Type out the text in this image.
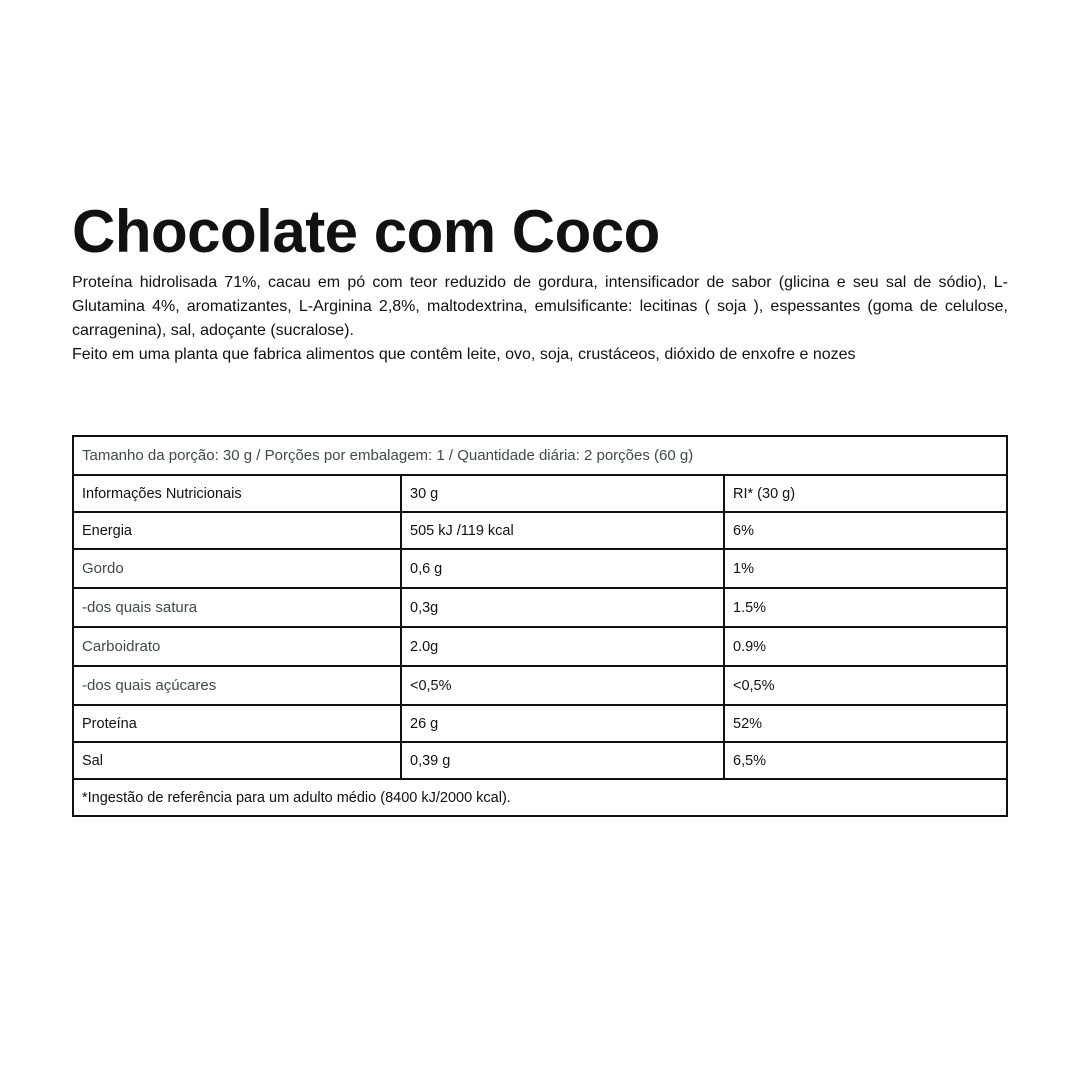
Chocolate com Coco

Proteína hidrolisada 71%, cacau em pó com teor reduzido de gordura, intensificador de sabor (glicina e seu sal de sódio), L-Glutamina 4%, aromatizantes, L-Arginina 2,8%, maltodextrina, emulsificante: lecitinas ( soja ), espessantes (goma de celulose, carragenina), sal, adoçante (sucralose).

Feito em uma planta que fabrica alimentos que contêm leite, ovo, soja, crustáceos, dióxido de enxofre e nozes

Tamanho da porção: 30 g / Porções por embalagem: 1 / Quantidade diária: 2 porções (60 g)		
Informações Nutricionais	30 g	RI* (30 g)
Energia	505 kJ /119 kcal	6%
Gordo	0,6 g	1%
-dos quais satura	0,3g	1.5%
Carboidrato	2.0g	0.9%
-dos quais açúcares	<0,5%	<0,5%
Proteína	26 g	52%
Sal	0,39 g	6,5%
*Ingestão de referência para um adulto médio (8400 kJ/2000 kcal).		
